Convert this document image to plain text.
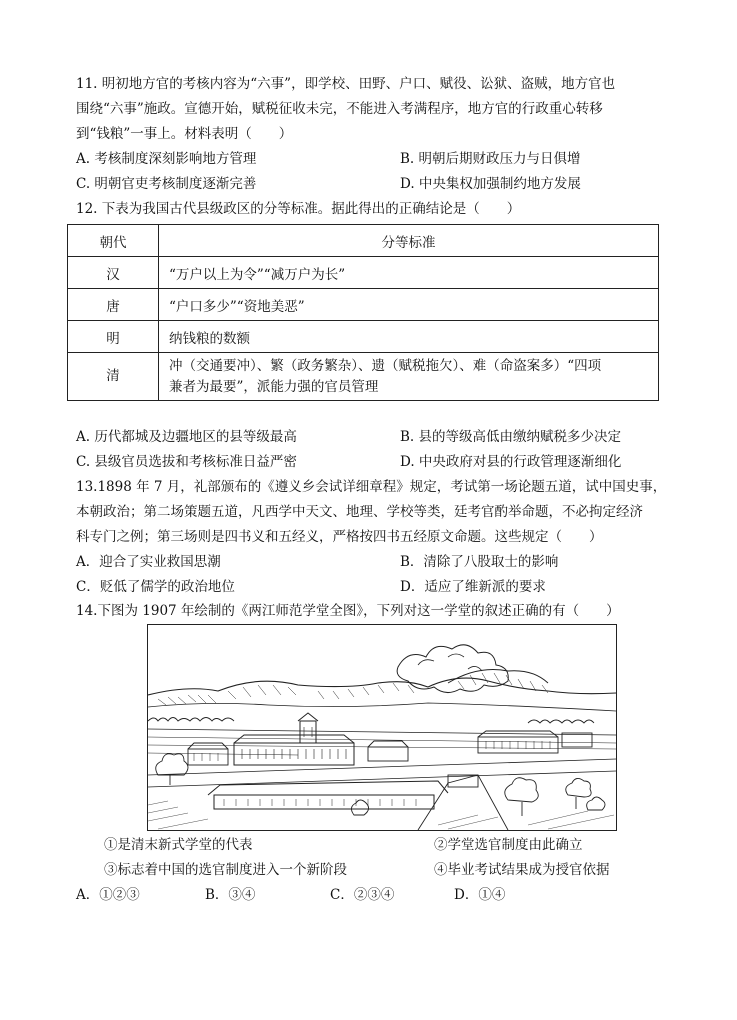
11. 明初地方官的考核内容为“六事”，即学校、田野、户口、赋役、讼狱、盗贼，地方官也
围绕“六事”施政。宣德开始，赋税征收未完，不能进入考满程序，地方官的行政重心转移
到“钱粮”一事上。材料表明（　　）
A. 考核制度深刻影响地方管理	B. 明朝后期财政压力与日俱增
C. 明朝官吏考核制度逐渐完善	D. 中央集权加强制约地方发展
12. 下表为我国古代县级政区的分等标准。据此得出的正确结论是（　　）
朝代	分等标准
汉	“万户以上为令”“减万户为长”
唐	“户口多少”“资地美恶”
明	纳钱粮的数额
清	冲（交通要冲）、繁（政务繁杂）、遗（赋税拖欠）、难（命盗案多）“四项
兼者为最要”，派能力强的官员管理
A. 历代都城及边疆地区的县等级最高	B. 县的等级高低由缴纳赋税多少决定
C. 县级官员选拔和考核标准日益严密	D. 中央政府对县的行政管理逐渐细化
13.1898 年 7 月，礼部颁布的《遵义乡会试详细章程》规定，考试第一场论题五道，试中国史事，
本朝政治；第二场策题五道，凡西学中天文、地理、学校等类，廷考官酌举命题，不必拘定经济
科专门之例；第三场则是四书义和五经义，严格按四书五经原文命题。这些规定（　　）
A．迎合了实业救国思潮	B．清除了八股取士的影响
C．贬低了儒学的政治地位	D．适应了维新派的要求
14.下图为 1907 年绘制的《两江师范学堂全图》，下列对这一学堂的叙述正确的有（　　）
①是清末新式学堂的代表	②学堂选官制度由此确立
③标志着中国的选官制度进入一个新阶段	④毕业考试结果成为授官依据
A．①②③	B．③④	C．②③④	D．①④
